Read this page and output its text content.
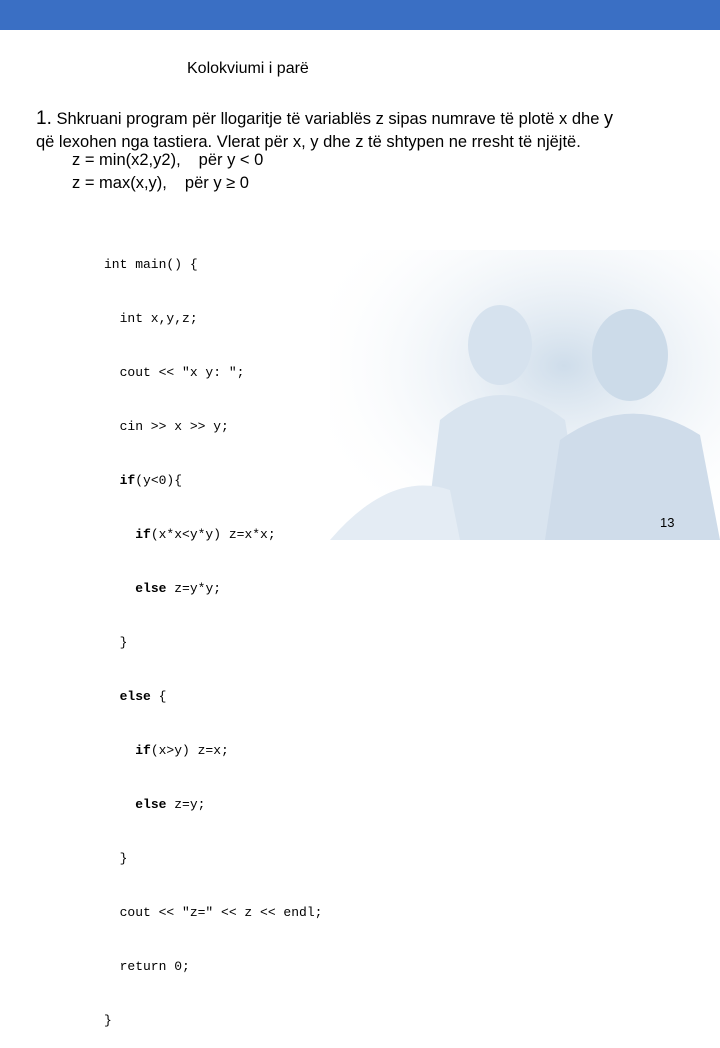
Kolokviumi i parë
1. Shkruani program për llogaritje të variablës z sipas numrave të plotë x dhe y
që lexohen nga tastiera. Vlerat për x, y dhe z të shtypen ne rresht të njëjtë.
z = min(x2,y2), për y < 0
z = max(x,y), për y ≥ 0

int main() {

int x,y,z;

cout << "x y: ";

cin >> x >> y;

if(y<0){

if(x*x<y*y) z=x*x;

else z=y*y;

}

else {

if(x>y) z=x;

else z=y;

}

cout << "z=" << z << endl;

return 0;

}

13
